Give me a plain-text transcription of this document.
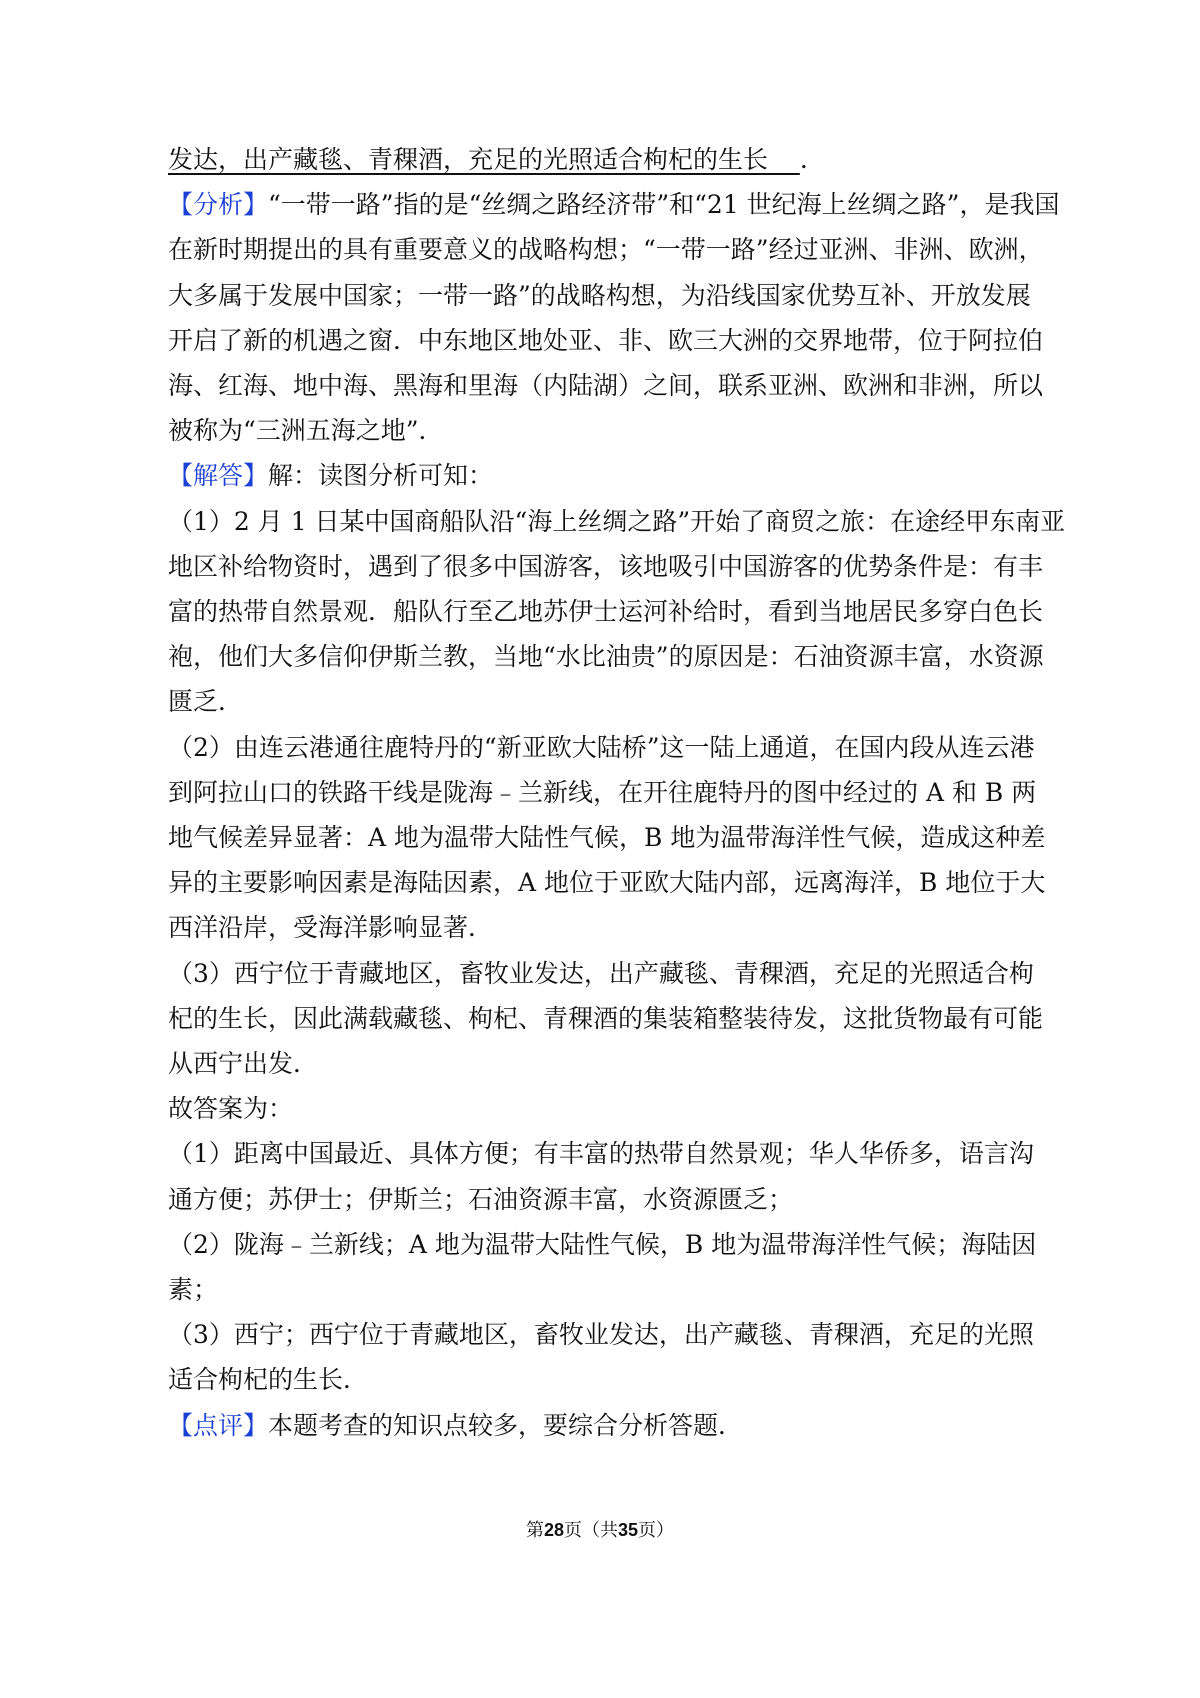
发达，出产藏毯、青稞酒，充足的光照适合枸杞的生长 .
【分析】“一带一路”指的是“丝绸之路经济带”和“21 世纪海上丝绸之路”，是我国
在新时期提出的具有重要意义的战略构想；“一带一路”经过亚洲、非洲、欧洲，
大多属于发展中国家；一带一路”的战略构想，为沿线国家优势互补、开放发展
开启了新的机遇之窗．中东地区地处亚、非、欧三大洲的交界地带，位于阿拉伯
海、红海、地中海、黑海和里海（内陆湖）之间，联系亚洲、欧洲和非洲，所以
被称为“三洲五海之地”．
【解答】解：读图分析可知：
（1）2 月 1 日某中国商船队沿“海上丝绸之路”开始了商贸之旅：在途经甲东南亚
地区补给物资时，遇到了很多中国游客，该地吸引中国游客的优势条件是：有丰
富的热带自然景观．船队行至乙地苏伊士运河补给时，看到当地居民多穿白色长
袍，他们大多信仰伊斯兰教，当地“水比油贵”的原因是：石油资源丰富，水资源
匮乏．
（2）由连云港通往鹿特丹的“新亚欧大陆桥”这一陆上通道，在国内段从连云港
到阿拉山口的铁路干线是陇海﹣兰新线，在开往鹿特丹的图中经过的 A 和 B 两
地气候差异显著：A 地为温带大陆性气候，B 地为温带海洋性气候，造成这种差
异的主要影响因素是海陆因素，A 地位于亚欧大陆内部，远离海洋，B 地位于大
西洋沿岸，受海洋影响显著．
（3）西宁位于青藏地区，畜牧业发达，出产藏毯、青稞酒，充足的光照适合枸
杞的生长，因此满载藏毯、枸杞、青稞酒的集装箱整装待发，这批货物最有可能
从西宁出发．
故答案为：
（1）距离中国最近、具体方便；有丰富的热带自然景观；华人华侨多，语言沟
通方便；苏伊士；伊斯兰；石油资源丰富，水资源匮乏；
（2）陇海﹣兰新线；A 地为温带大陆性气候，B 地为温带海洋性气候；海陆因
素；
（3）西宁；西宁位于青藏地区，畜牧业发达，出产藏毯、青稞酒，充足的光照
适合枸杞的生长．
【点评】本题考查的知识点较多，要综合分析答题．
第28页（共35页）
